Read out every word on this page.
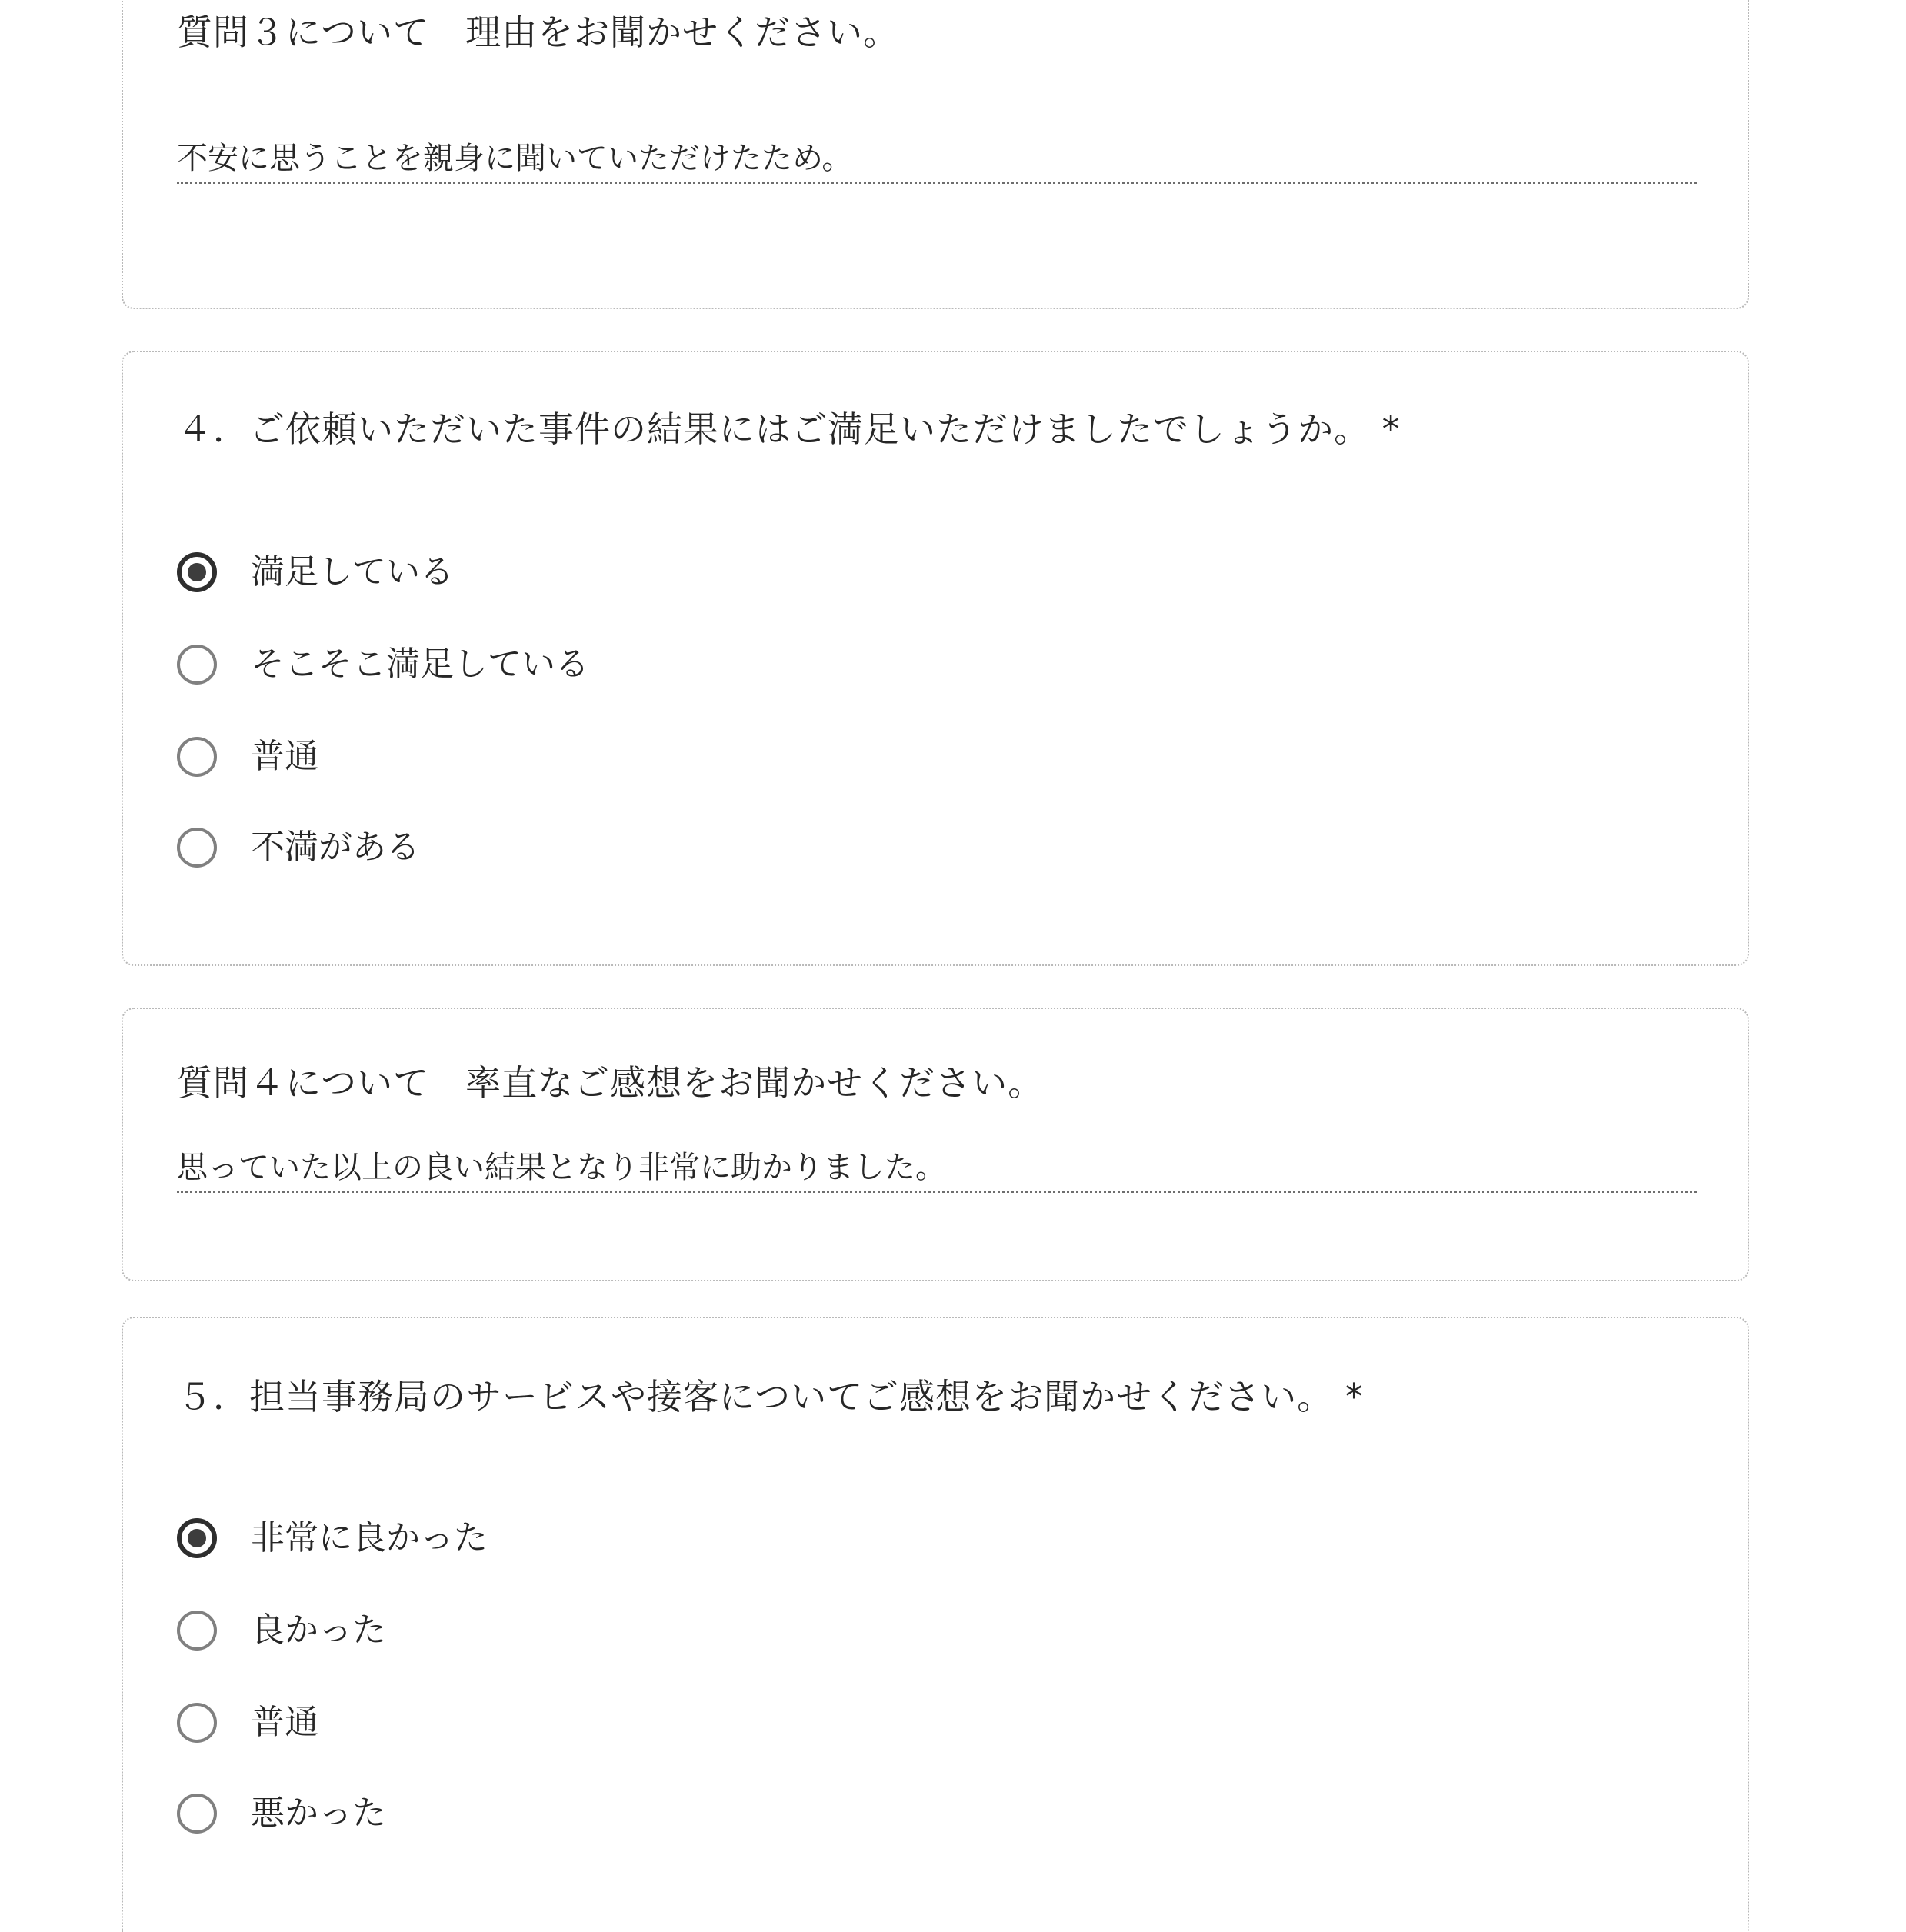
質問３について　理由をお聞かせください。
不安に思うことを親身に聞いていただけたため。
４．ご依頼いただいた事件の結果にはご満足いただけましたでしょうか。 *
満足している
そこそこ満足している
普通
不満がある
質問４について　率直なご感想をお聞かせください。
思っていた以上の良い結果となり非常に助かりました。
５．担当事務局のサービスや接客についてご感想をお聞かせください。 *
非常に良かった
良かった
普通
悪かった
